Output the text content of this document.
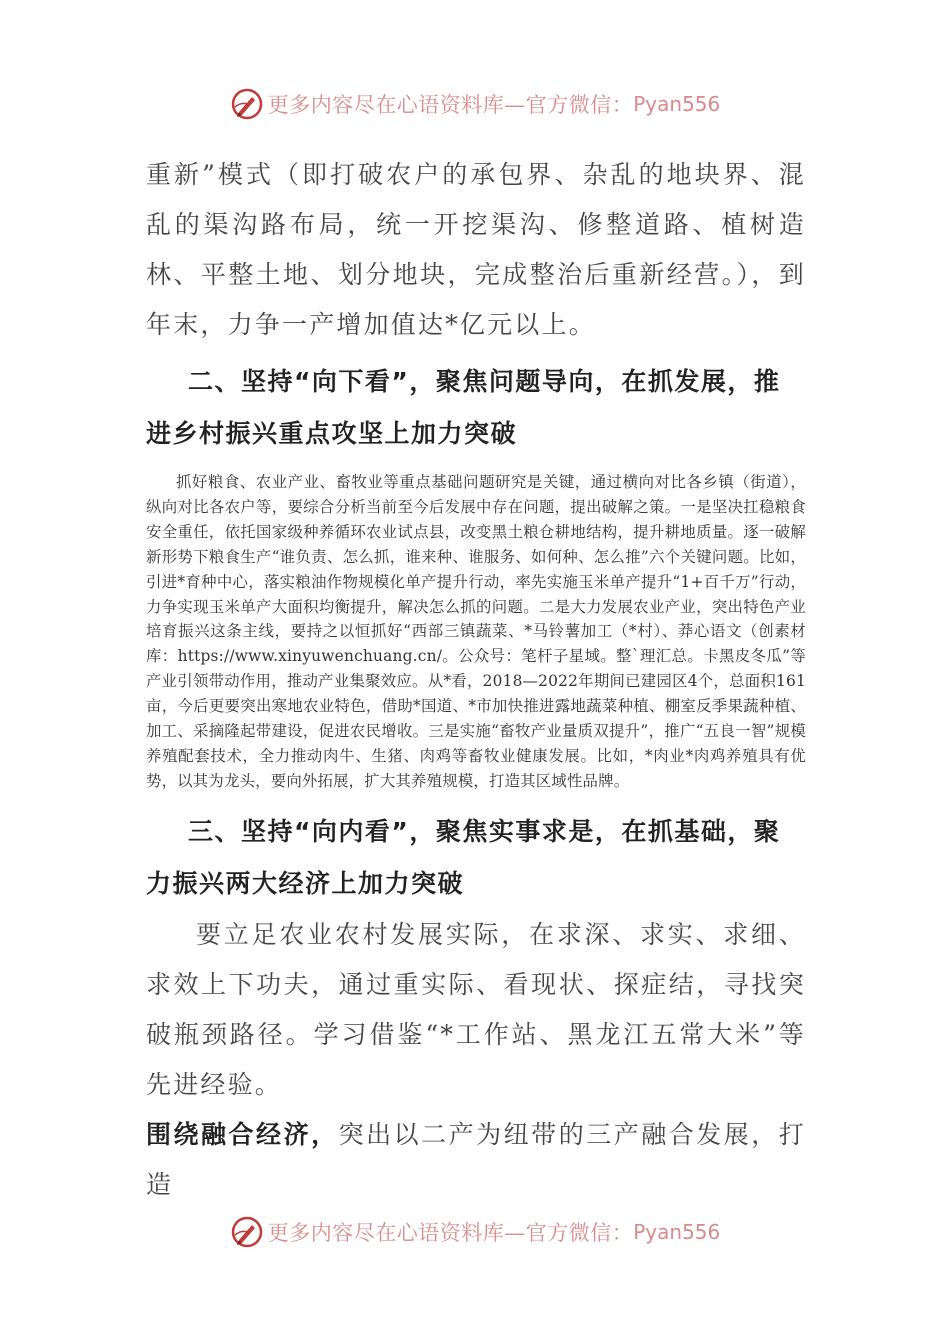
更多内容尽在心语资料库—官方微信： Pyan556

重新”模式（即打破农户的承包界、杂乱的地块界、混乱的渠沟路布局，统一开挖渠沟、修整道路、植树造林、平整土地、划分地块，完成整治后重新经营。），到年末，力争一产增加值达*亿元以上。

二、坚持“向下看”，聚焦问题导向，在抓发展，推进乡村振兴重点攻坚上加力突破

抓好粮食、农业产业、畜牧业等重点基础问题研究是关键，通过横向对比各乡镇（街道），纵向对比各农户等，要综合分析当前至今后发展中存在问题，提出破解之策。一是坚决扛稳粮食安全重任，依托国家级种养循环农业试点县，改变黑土粮仓耕地结构，提升耕地质量。逐一破解新形势下粮食生产“谁负责、怎么抓，谁来种、谁服务、如何种、怎么推”六个关键问题。比如，引进*育种中心，落实粮油作物规模化单产提升行动，率先实施玉米单产提升“1+百千万”行动，力争实现玉米单产大面积均衡提升，解决怎么抓的问题。二是大力发展农业产业，突出特色产业培育振兴这条主线，要持之以恒抓好“西部三镇蔬菜、*马铃薯加工（*村）、莽心语文（创素材库：https://www.xinyuwenchuang.cn/。公众号：笔杆子星域。整`理汇总。卡黑皮冬瓜”等产业引领带动作用，推动产业集聚效应。从*看，2018—2022年期间已建园区4个，总面积161亩，今后更要突出寒地农业特色，借助*国道、*市加快推进露地蔬菜种植、棚室反季果蔬种植、加工、采摘隆起带建设，促进农民增收。三是实施“畜牧产业量质双提升”，推广“五良一智”规模养殖配套技术，全力推动肉牛、生猪、肉鸡等畜牧业健康发展。比如，*肉业*肉鸡养殖具有优势，以其为龙头，要向外拓展，扩大其养殖规模，打造其区域性品牌。

三、坚持“向内看”，聚焦实事求是，在抓基础，聚力振兴两大经济上加力突破

要立足农业农村发展实际，在求深、求实、求细、求效上下功夫，通过重实际、看现状、探症结，寻找突破瓶颈路径。学习借鉴“*工作站、黑龙江五常大米”等先进经验。

围绕融合经济，突出以二产为纽带的三产融合发展，打造

更多内容尽在心语资料库—官方微信： Pyan556
